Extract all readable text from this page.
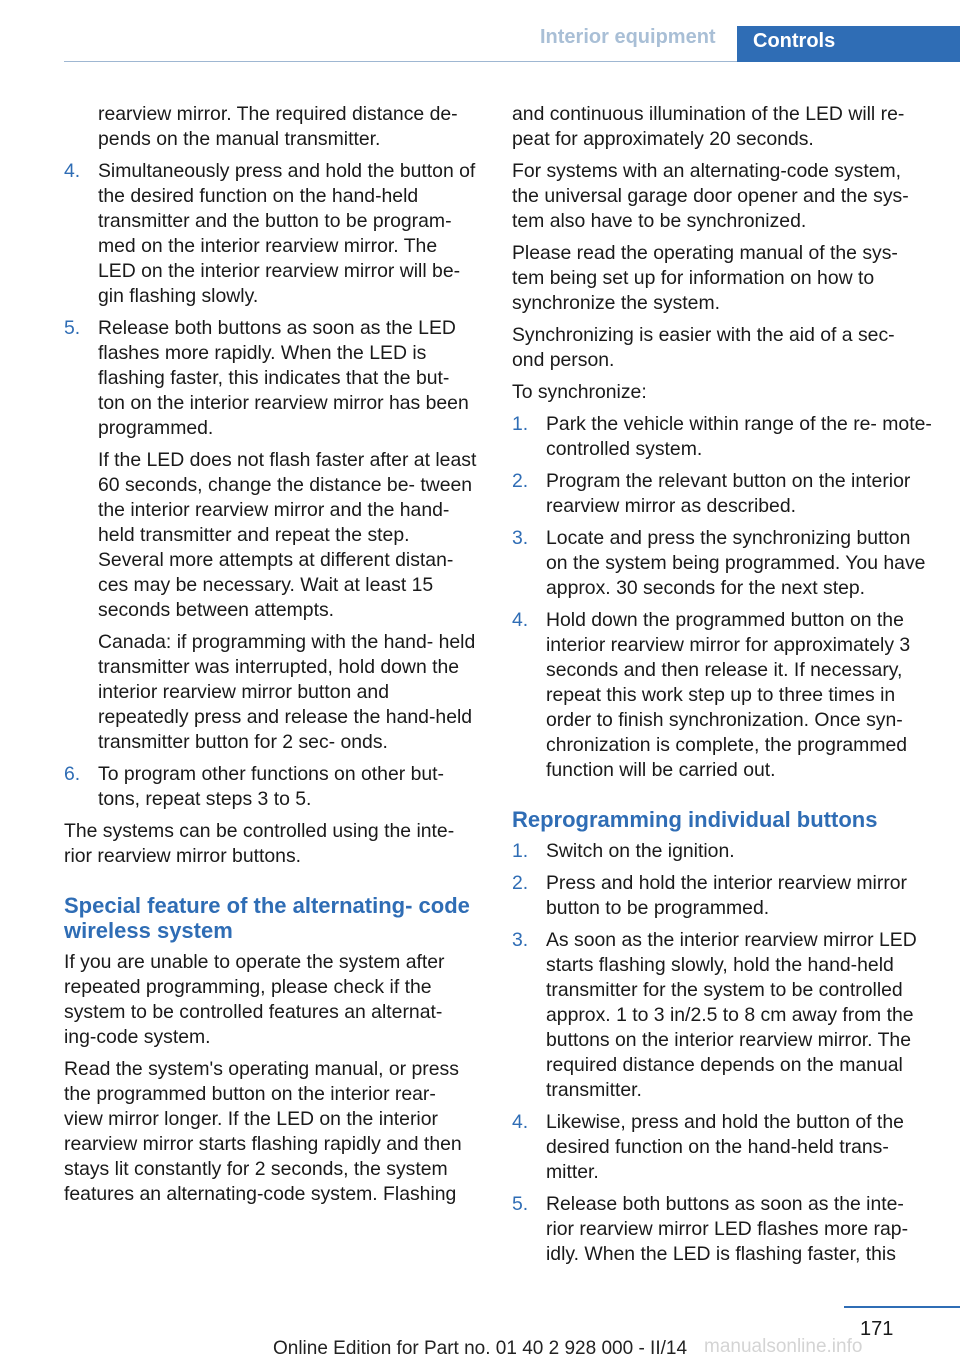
Interior equipment	Controls
rearview mirror. The required distance de‐ pends on the manual transmitter.
4. Simultaneously press and hold the button of the desired function on the hand-held transmitter and the button to be program‐ med on the interior rearview mirror. The LED on the interior rearview mirror will be‐ gin flashing slowly.
5. Release both buttons as soon as the LED flashes more rapidly. When the LED is flashing faster, this indicates that the but‐ ton on the interior rearview mirror has been programmed.
If the LED does not flash faster after at least 60 seconds, change the distance be‐ tween the interior rearview mirror and the hand-held transmitter and repeat the step. Several more attempts at different distan‐ ces may be necessary. Wait at least 15 seconds between attempts.
Canada: if programming with the hand- held transmitter was interrupted, hold down the interior rearview mirror button and repeatedly press and release the hand-held transmitter button for 2 sec‐ onds.
6. To program other functions on other but‐ tons, repeat steps 3 to 5.
The systems can be controlled using the inte‐ rior rearview mirror buttons.
Special feature of the alternating- code wireless system
If you are unable to operate the system after repeated programming, please check if the system to be controlled features an alternat‐ ing-code system.
Read the system's operating manual, or press the programmed button on the interior rear‐ view mirror longer. If the LED on the interior rearview mirror starts flashing rapidly and then stays lit constantly for 2 seconds, the system features an alternating-code system. Flashing
and continuous illumination of the LED will re‐ peat for approximately 20 seconds.
For systems with an alternating-code system, the universal garage door opener and the sys‐ tem also have to be synchronized.
Please read the operating manual of the sys‐ tem being set up for information on how to synchronize the system.
Synchronizing is easier with the aid of a sec‐ ond person.
To synchronize:
1. Park the vehicle within range of the re‐ mote-controlled system.
2. Program the relevant button on the interior rearview mirror as described.
3. Locate and press the synchronizing button on the system being programmed. You have approx. 30 seconds for the next step.
4. Hold down the programmed button on the interior rearview mirror for approximately 3 seconds and then release it. If necessary, repeat this work step up to three times in order to finish synchronization. Once syn‐ chronization is complete, the programmed function will be carried out.
Reprogramming individual buttons
1. Switch on the ignition.
2. Press and hold the interior rearview mirror button to be programmed.
3. As soon as the interior rearview mirror LED starts flashing slowly, hold the hand-held transmitter for the system to be controlled approx. 1 to 3 in/2.5 to 8 cm away from the buttons on the interior rearview mirror. The required distance depends on the manual transmitter.
4. Likewise, press and hold the button of the desired function on the hand-held trans‐ mitter.
5. Release both buttons as soon as the inte‐ rior rearview mirror LED flashes more rap‐ idly. When the LED is flashing faster, this
171
manualsonline.info
Online Edition for Part no. 01 40 2 928 000 - II/14
